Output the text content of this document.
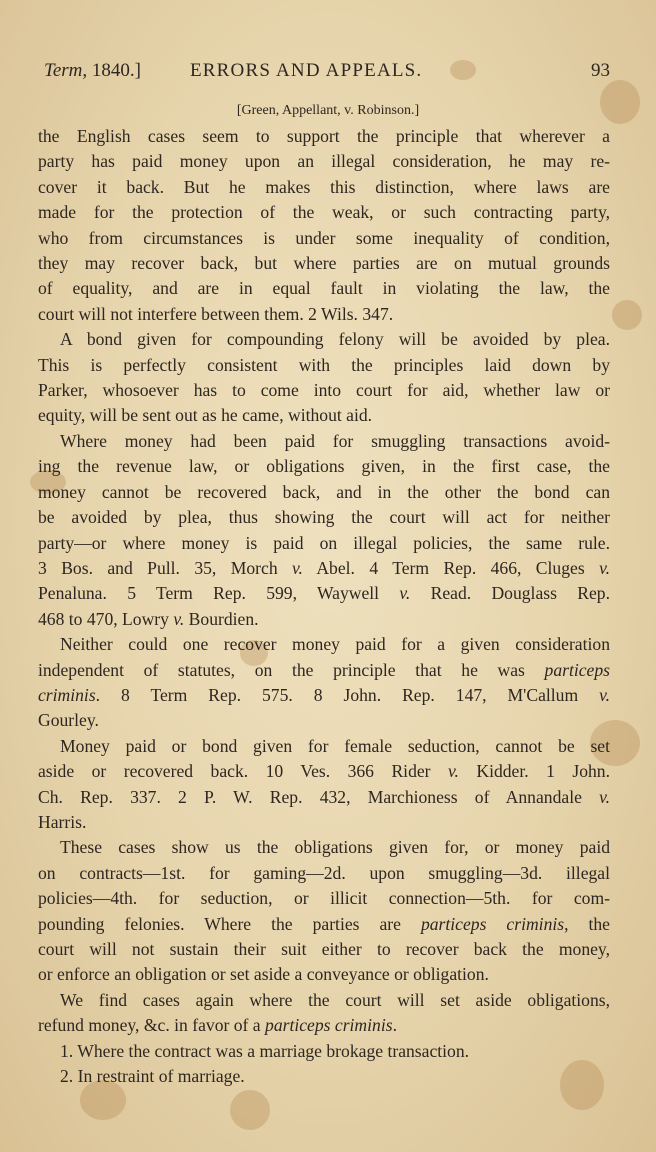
Term, 1840.]	ERRORS AND APPEALS.	93
[Green, Appellant, v. Robinson.]

the English cases seem to support the principle that wherever a
party has paid money upon an illegal consideration, he may re-
cover it back. But he makes this distinction, where laws are
made for the protection of the weak, or such contracting party,
who from circumstances is under some inequality of condition,
they may recover back, but where parties are on mutual grounds
of equality, and are in equal fault in violating the law, the
court will not interfere between them. 2 Wils. 347.

A bond given for compounding felony will be avoided by plea.
This is perfectly consistent with the principles laid down by
Parker, whosoever has to come into court for aid, whether law or
equity, will be sent out as he came, without aid.

Where money had been paid for smuggling transactions avoid-
ing the revenue law, or obligations given, in the first case, the
money cannot be recovered back, and in the other the bond can
be avoided by plea, thus showing the court will act for neither
party—or where money is paid on illegal policies, the same rule.
3 Bos. and Pull. 35, Morch v. Abel. 4 Term Rep. 466, Cluges v.
Penaluna. 5 Term Rep. 599, Waywell v. Read. Douglass Rep.
468 to 470, Lowry v. Bourdien.

Neither could one recover money paid for a given consideration
independent of statutes, on the principle that he was particeps
criminis. 8 Term Rep. 575. 8 John. Rep. 147, M'Callum v.
Gourley.

Money paid or bond given for female seduction, cannot be set
aside or recovered back. 10 Ves. 366 Rider v. Kidder. 1 John.
Ch. Rep. 337. 2 P. W. Rep. 432, Marchioness of Annandale v.
Harris.

These cases show us the obligations given for, or money paid
on contracts—1st. for gaming—2d. upon smuggling—3d. illegal
policies—4th. for seduction, or illicit connection—5th. for com-
pounding felonies. Where the parties are particeps criminis, the
court will not sustain their suit either to recover back the money,
or enforce an obligation or set aside a conveyance or obligation.

We find cases again where the court will set aside obligations,
refund money, &c. in favor of a particeps criminis.

1. Where the contract was a marriage brokage transaction.

2. In restraint of marriage.
